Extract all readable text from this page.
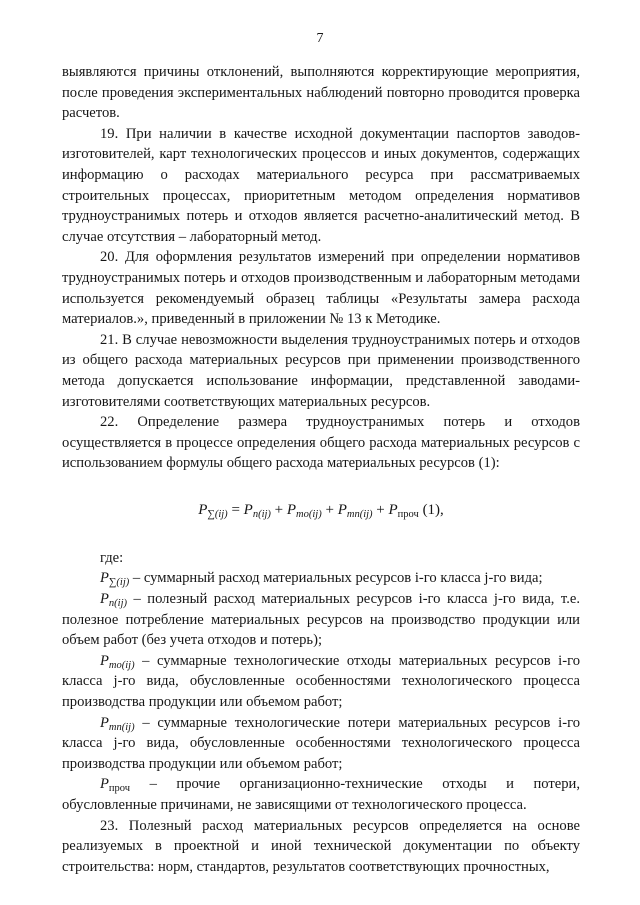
7

выявляются причины отклонений, выполняются корректирующие мероприятия, после проведения экспериментальных наблюдений повторно проводится проверка расчетов.

19. При наличии в качестве исходной документации паспортов заводов-изготовителей, карт технологических процессов и иных документов, содержащих информацию о расходах материального ресурса при рассматриваемых строительных процессах, приоритетным методом определения нормативов трудноустранимых потерь и отходов является расчетно-аналитический метод. В случае отсутствия – лабораторный метод.

20. Для оформления результатов измерений при определении нормативов трудноустранимых потерь и отходов производственным и лабораторным методами используется рекомендуемый образец таблицы «Результаты замера расхода материалов.», приведенный в приложении № 13 к Методике.

21. В случае невозможности выделения трудноустранимых потерь и отходов из общего расхода материальных ресурсов при применении производственного метода допускается использование информации, представленной заводами-изготовителями соответствующих материальных ресурсов.

22. Определение размера трудноустранимых потерь и отходов осуществляется в процессе определения общего расхода материальных ресурсов с использованием формулы общего расхода материальных ресурсов (1):

$P_{\sum(ij)} = P_{п(ij)} + P_{то(ij)} + P_{тп(ij)} + P_{проч}$ (1),

где:

$P_{\sum(ij)}$ – суммарный расход материальных ресурсов i-го класса j-го вида;

$P_{п(ij)}$ – полезный расход материальных ресурсов i-го класса j-го вида, т.е. полезное потребление материальных ресурсов на производство продукции или объем работ (без учета отходов и потерь);

$P_{то(ij)}$ – суммарные технологические отходы материальных ресурсов i-го класса j-го вида, обусловленные особенностями технологического процесса производства продукции или объемом работ;

$P_{тп(ij)}$ – суммарные технологические потери материальных ресурсов i-го класса j-го вида, обусловленные особенностями технологического процесса производства продукции или объемом работ;

$P_{проч}$ – прочие организационно-технические отходы и потери, обусловленные причинами, не зависящими от технологического процесса.

23. Полезный расход материальных ресурсов определяется на основе реализуемых в проектной и иной технической документации по объекту строительства: норм, стандартов, результатов соответствующих прочностных,
